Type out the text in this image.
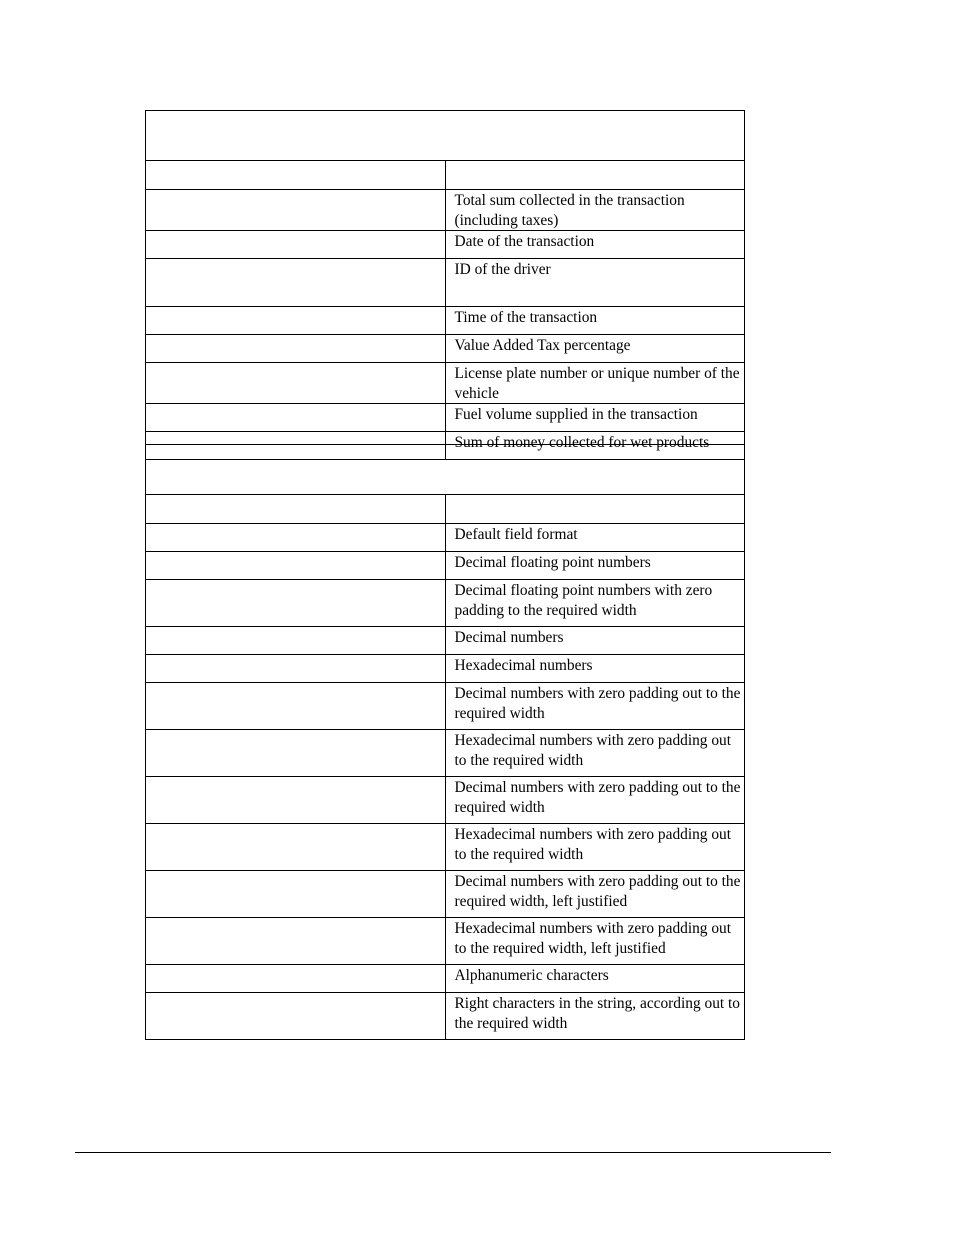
	Total sum collected in the transaction (including taxes)
	Date of the transaction
	ID of the driver
	Time of the transaction
	Value Added Tax percentage
	License plate number or unique number of the vehicle
	Fuel volume supplied in the transaction
	Sum of money collected for wet products

	Default field format
	Decimal floating point numbers
	Decimal floating point numbers with zero padding to the required width
	Decimal numbers
	Hexadecimal numbers
	Decimal numbers with zero padding out to the required width
	Hexadecimal numbers with zero padding out to the required width
	Decimal numbers with zero padding out to the required width
	Hexadecimal numbers with zero padding out to the required width
	Decimal numbers with zero padding out to the required width, left justified
	Hexadecimal numbers with zero padding out to the required width, left justified
	Alphanumeric characters
	Right characters in the string, according out to the required width
